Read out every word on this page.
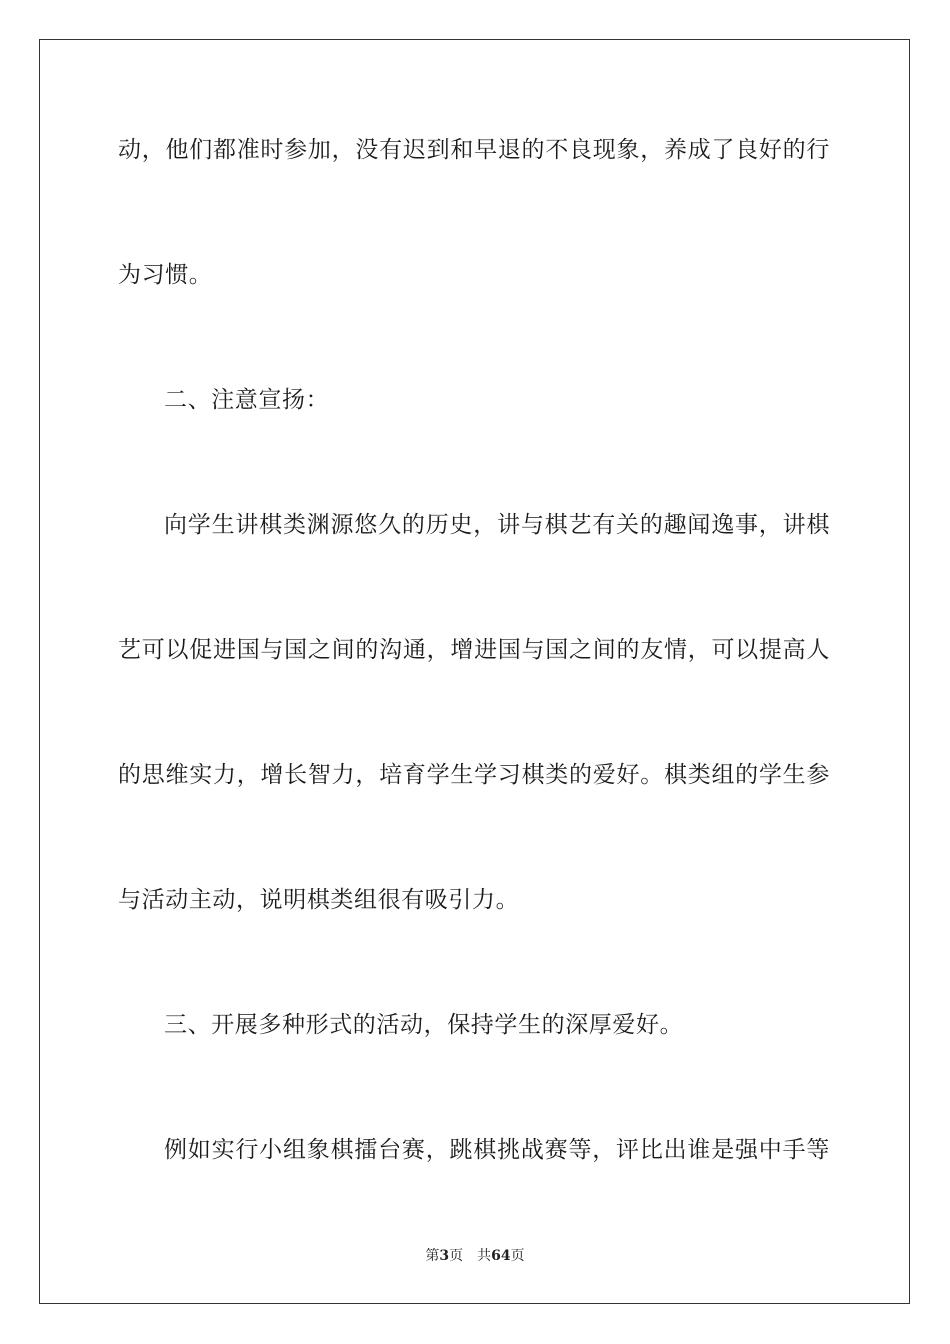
动，他们都准时参加，没有迟到和早退的不良现象，养成了良好的行
为习惯。
二、注意宣扬：
向学生讲棋类渊源悠久的历史，讲与棋艺有关的趣闻逸事，讲棋
艺可以促进国与国之间的沟通，增进国与国之间的友情，可以提高人
的思维实力，增长智力，培育学生学习棋类的爱好。棋类组的学生参
与活动主动，说明棋类组很有吸引力。
三、开展多种形式的活动，保持学生的深厚爱好。
例如实行小组象棋擂台赛，跳棋挑战赛等，评比出谁是强中手等
第3页 共64页
